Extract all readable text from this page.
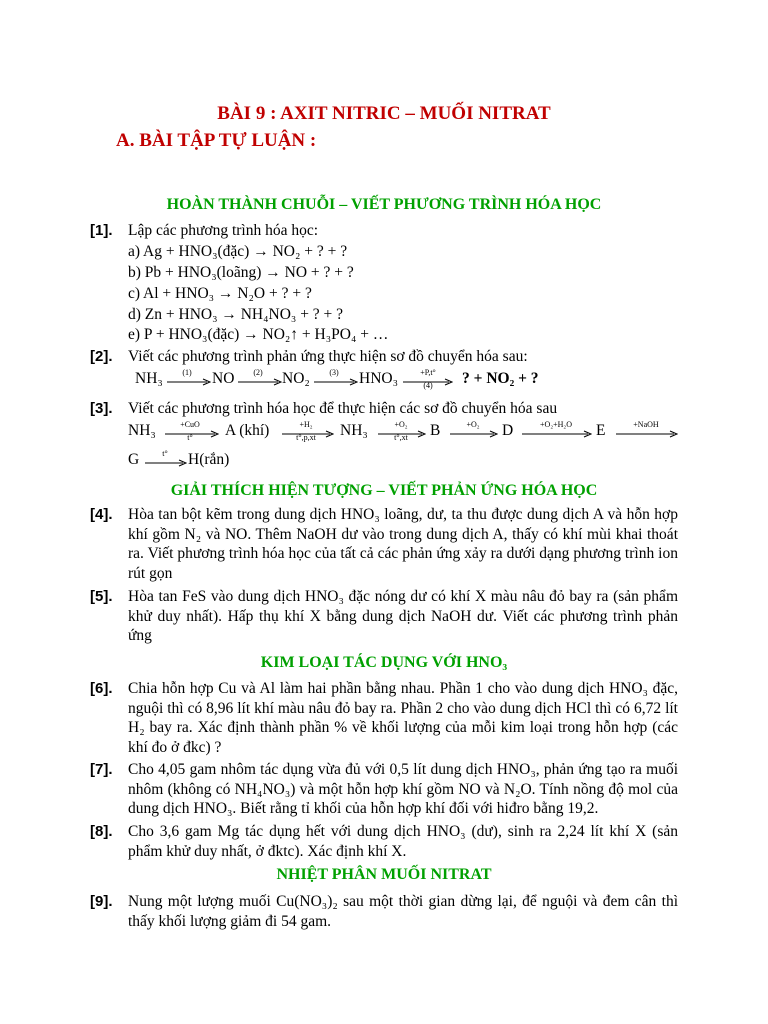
BÀI 9 : AXIT NITRIC – MUỐI NITRAT
A. BÀI TẬP TỰ LUẬN :
HOÀN THÀNH CHUỖI – VIẾT PHƯƠNG TRÌNH HÓA HỌC
[1]. Lập các phương trình hóa học:
a) Ag + HNO₃(đặc) → NO₂ + ? + ?
b) Pb + HNO₃(loãng) → NO + ? + ?
c) Al + HNO₃ → N₂O + ? + ?
d) Zn + HNO₃ → NH₄NO₃ + ? + ?
e) P + HNO₃(đặc) → NO₂↑ + H₃PO₄ + …
[2]. Viết các phương trình phản ứng thực hiện sơ đồ chuyển hóa sau:
NH₃ (1) NO (2) NO₂ (3) HNO₃	+P,t°
(4) ? + NO₂ + ?
[3]. Viết các phương trình hóa học để thực hiện các sơ đồ chuyển hóa sau
NH₃	+CuO
t° A (khí)	+H₂
t°,p,xt NH₃	+O₂
t°,xt B	+O₂ D	+O₂+H₂O E	+NaOH
G	t° H(rắn)
GIẢI THÍCH HIỆN TƯỢNG – VIẾT PHẢN ỨNG HÓA HỌC
[4]. Hòa tan bột kẽm trong dung dịch HNO₃ loãng, dư, ta thu được dung dịch A và hỗn hợp khí gồm N₂ và NO. Thêm NaOH dư vào trong dung dịch A, thấy có khí mùi khai thoát ra. Viết phương trình hóa học của tất cả các phản ứng xảy ra dưới dạng phương trình ion rút gọn
[5]. Hòa tan FeS vào dung dịch HNO₃ đặc nóng dư có khí X màu nâu đỏ bay ra (sản phẩm khử duy nhất). Hấp thụ khí X bằng dung dịch NaOH dư. Viết các phương trình phản ứng
KIM LOẠI TÁC DỤNG VỚI HNO₃
[6]. Chia hỗn hợp Cu và Al làm hai phần bằng nhau. Phần 1 cho vào dung dịch HNO₃ đặc, nguội thì có 8,96 lít khí màu nâu đỏ bay ra. Phần 2 cho vào dung dịch HCl thì có 6,72 lít H₂ bay ra. Xác định thành phần % về khối lượng của mỗi kim loại trong hỗn hợp (các khí đo ở đkc) ?
[7]. Cho 4,05 gam nhôm tác dụng vừa đủ với 0,5 lít dung dịch HNO₃, phản ứng tạo ra muối nhôm (không có NH₄NO₃) và một hỗn hợp khí gồm NO và N₂O. Tính nồng độ mol của dung dịch HNO₃. Biết rằng tỉ khối của hỗn hợp khí đối với hiđro bằng 19,2.
[8]. Cho 3,6 gam Mg tác dụng hết với dung dịch HNO₃ (dư), sinh ra 2,24 lít khí X (sản phẩm khử duy nhất, ở đktc). Xác định khí X.
NHIỆT PHÂN MUỐI NITRAT
[9]. Nung một lượng muối Cu(NO₃)₂ sau một thời gian dừng lại, để nguội và đem cân thì thấy khối lượng giảm đi 54 gam.
